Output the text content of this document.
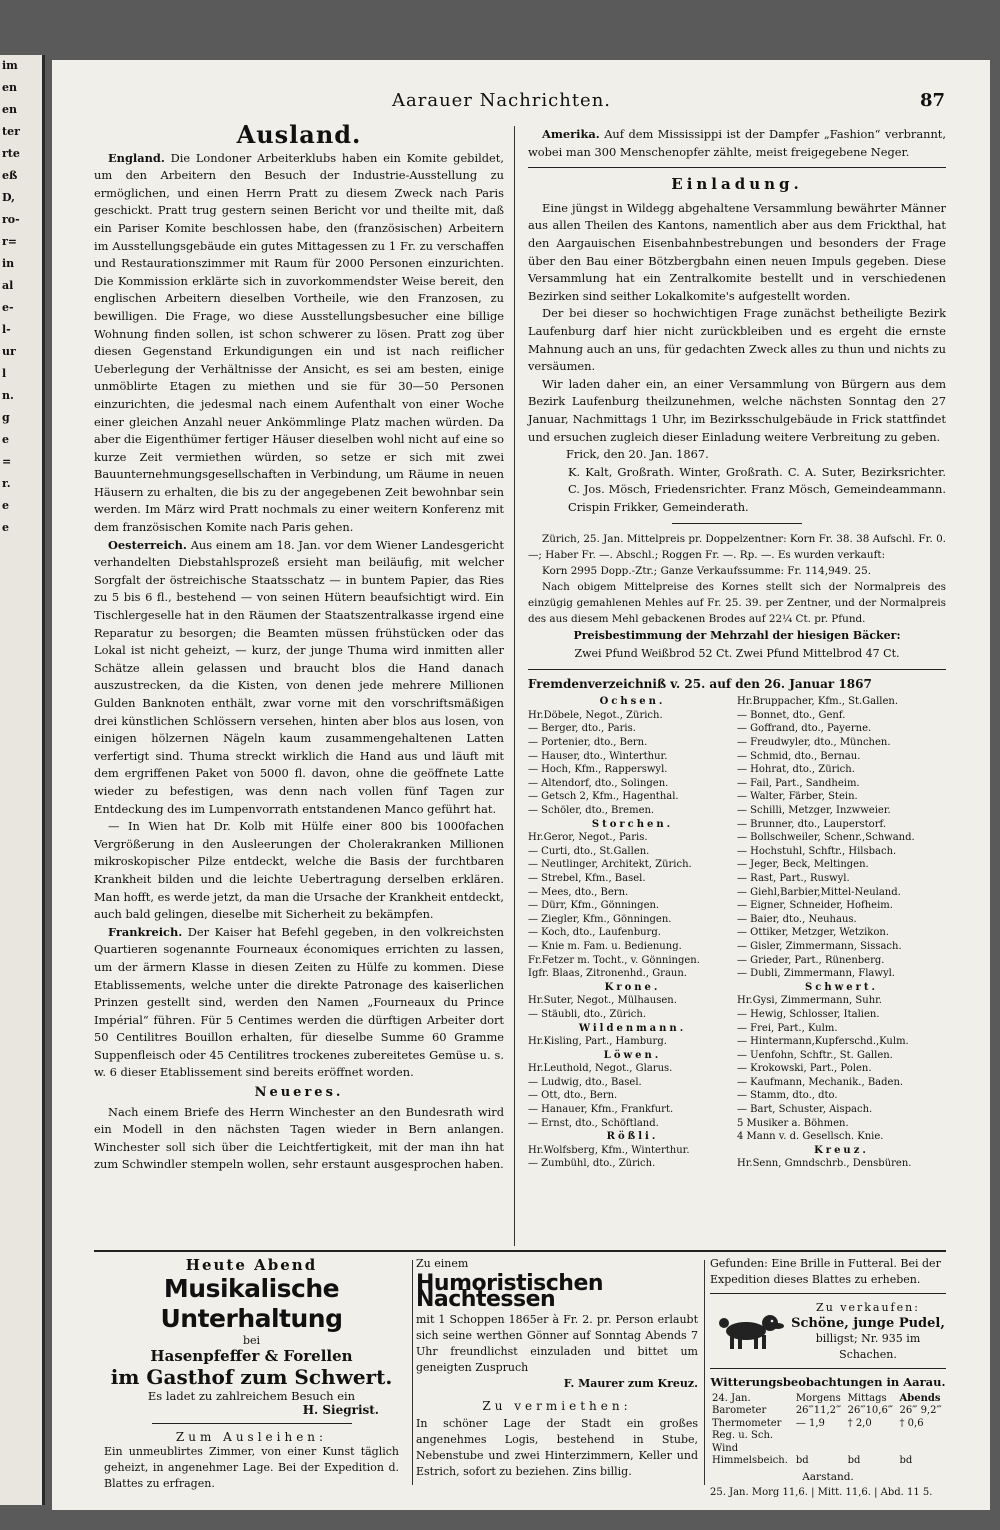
im
en
en
ter
rte
eß
D,
ro-
r=
in
al
e-
l-
ur
l
n.
g
e
=
r.
e
e
Aarauer Nachrichten.	87
Ausland.

England. Die Londoner Arbeiterklubs haben ein Komite gebildet, um den Arbeitern den Besuch der Industrie-Ausstellung zu ermöglichen, und einen Herrn Pratt zu diesem Zweck nach Paris geschickt. Pratt trug gestern seinen Bericht vor und theilte mit, daß ein Pariser Komite beschlossen habe, den (französischen) Arbeitern im Ausstellungsgebäude ein gutes Mittagessen zu 1 Fr. zu verschaffen und Restaurationszimmer mit Raum für 2000 Personen einzurichten. Die Kommission erklärte sich in zuvorkommendster Weise bereit, den englischen Arbeitern dieselben Vortheile, wie den Franzosen, zu bewilligen. Die Frage, wo diese Ausstellungsbesucher eine billige Wohnung finden sollen, ist schon schwerer zu lösen. Pratt zog über diesen Gegenstand Erkundigungen ein und ist nach reiflicher Ueberlegung der Verhältnisse der Ansicht, es sei am besten, einige unmöblirte Etagen zu miethen und sie für 30—50 Personen einzurichten, die jedesmal nach einem Aufenthalt von einer Woche einer gleichen Anzahl neuer Ankömmlinge Platz machen würden. Da aber die Eigenthümer fertiger Häuser dieselben wohl nicht auf eine so kurze Zeit vermiethen würden, so setze er sich mit zwei Bauunternehmungsgesellschaften in Verbindung, um Räume in neuen Häusern zu erhalten, die bis zu der angegebenen Zeit bewohnbar sein werden. Im März wird Pratt nochmals zu einer weitern Konferenz mit dem französischen Komite nach Paris gehen.

Oesterreich. Aus einem am 18. Jan. vor dem Wiener Landesgericht verhandelten Diebstahlsprozeß ersieht man beiläufig, mit welcher Sorgfalt der östreichische Staatsschatz — in buntem Papier, das Ries zu 5 bis 6 fl., bestehend — von seinen Hütern beaufsichtigt wird. Ein Tischlergeselle hat in den Räumen der Staatszentralkasse irgend eine Reparatur zu besorgen; die Beamten müssen frühstücken oder das Lokal ist nicht geheizt, — kurz, der junge Thuma wird inmitten aller Schätze allein gelassen und braucht blos die Hand danach auszustrecken, da die Kisten, von denen jede mehrere Millionen Gulden Banknoten enthält, zwar vorne mit den vorschriftsmäßigen drei künstlichen Schlössern versehen, hinten aber blos aus losen, von einigen hölzernen Nägeln kaum zusammengehaltenen Latten verfertigt sind. Thuma streckt wirklich die Hand aus und läuft mit dem ergriffenen Paket von 5000 fl. davon, ohne die geöffnete Latte wieder zu befestigen, was denn nach vollen fünf Tagen zur Entdeckung des im Lumpenvorrath entstandenen Manco geführt hat.

— In Wien hat Dr. Kolb mit Hülfe einer 800 bis 1000fachen Vergrößerung in den Ausleerungen der Cholerakranken Millionen mikroskopischer Pilze entdeckt, welche die Basis der furchtbaren Krankheit bilden und die leichte Uebertragung derselben erklären. Man hofft, es werde jetzt, da man die Ursache der Krankheit entdeckt, auch bald gelingen, dieselbe mit Sicherheit zu bekämpfen.

Frankreich. Der Kaiser hat Befehl gegeben, in den volkreichsten Quartieren sogenannte Fourneaux économiques errichten zu lassen, um der ärmern Klasse in diesen Zeiten zu Hülfe zu kommen. Diese Etablissements, welche unter die direkte Patronage des kaiserlichen Prinzen gestellt sind, werden den Namen „Fourneaux du Prince Impérial“ führen. Für 5 Centimes werden die dürftigen Arbeiter dort 50 Centilitres Bouillon erhalten, für dieselbe Summe 60 Gramme Suppenfleisch oder 45 Centilitres trockenes zubereitetes Gemüse u. s. w. 6 dieser Etablissement sind bereits eröffnet worden.

Neueres.

Nach einem Briefe des Herrn Winchester an den Bundesrath wird ein Modell in den nächsten Tagen wieder in Bern anlangen. Winchester soll sich über die Leichtfertigkeit, mit der man ihn hat zum Schwindler stempeln wollen, sehr erstaunt ausgesprochen haben.

Amerika. Auf dem Mississippi ist der Dampfer „Fashion“ verbrannt, wobei man 300 Menschenopfer zählte, meist freigegebene Neger.

Einladung.

Eine jüngst in Wildegg abgehaltene Versammlung bewährter Männer aus allen Theilen des Kantons, namentlich aber aus dem Frickthal, hat den Aargauischen Eisenbahnbestrebungen und besonders der Frage über den Bau einer Bötzbergbahn einen neuen Impuls gegeben. Diese Versammlung hat ein Zentralkomite bestellt und in verschiedenen Bezirken sind seither Lokalkomite's aufgestellt worden.

Der bei dieser so hochwichtigen Frage zunächst betheiligte Bezirk Laufenburg darf hier nicht zurückbleiben und es ergeht die ernste Mahnung auch an uns, für gedachten Zweck alles zu thun und nichts zu versäumen.

Wir laden daher ein, an einer Versammlung von Bürgern aus dem Bezirk Laufenburg theilzunehmen, welche nächsten Sonntag den 27 Januar, Nachmittags 1 Uhr, im Bezirksschulgebäude in Frick stattfindet und ersuchen zugleich dieser Einladung weitere Verbreitung zu geben.

Frick, den 20. Jan. 1867.

K. Kalt, Großrath. Winter, Großrath. C. A. Suter, Bezirksrichter. C. Jos. Mösch, Friedensrichter. Franz Mösch, Gemeindeammann. Crispin Frikker, Gemeinderath.

Zürich, 25. Jan. Mittelpreis pr. Doppelzentner: Korn Fr. 38. 38 Aufschl. Fr. 0. —; Haber Fr. —. Abschl.; Roggen Fr. —. Rp. —. Es wurden verkauft:

Korn 2995 Dopp.-Ztr.; Ganze Verkaufssumme: Fr. 114,949. 25.

Nach obigem Mittelpreise des Kornes stellt sich der Normalpreis des einzügig gemahlenen Mehles auf Fr. 25. 39. per Zentner, und der Normalpreis des aus diesem Mehl gebackenen Brodes auf 22¼ Ct. pr. Pfund.

Preisbestimmung der Mehrzahl der hiesigen Bäcker:

Zwei Pfund Weißbrod 52 Ct. Zwei Pfund Mittelbrod 47 Ct.

Fremdenverzeichniß v. 25. auf den 26. Januar 1867

Ochsen.
Hr.Döbele, Negot., Zürich.
— Berger, dto., Paris.
— Portenier, dto., Bern.
— Hauser, dto., Winterthur.
— Hoch, Kfm., Rapperswyl.
— Altendorf, dto., Solingen.
— Getsch 2, Kfm., Hagenthal.
— Schöler, dto., Bremen.
Storchen.
Hr.Geror, Negot., Paris.
— Curti, dto., St.Gallen.
— Neutlinger, Architekt, Zürich.
— Strebel, Kfm., Basel.
— Mees, dto., Bern.
— Dürr, Kfm., Gönningen.
— Ziegler, Kfm., Gönningen.
— Koch, dto., Laufenburg.
— Knie m. Fam. u. Bedienung.
Fr.Fetzer m. Tocht., v. Gönningen.
Igfr. Blaas, Zitronenhd., Graun.
Krone.
Hr.Suter, Negot., Mülhausen.
— Stäubli, dto., Zürich.
Wildenmann.
Hr.Kisling, Part., Hamburg.
Löwen.
Hr.Leuthold, Negot., Glarus.
— Ludwig, dto., Basel.
— Ott, dto., Bern.
— Hanauer, Kfm., Frankfurt.
— Ernst, dto., Schöftland.
Rößli.
Hr.Wolfsberg, Kfm., Winterthur.
— Zumbühl, dto., Zürich.
Hr.Bruppacher, Kfm., St.Gallen.
— Bonnet, dto., Genf.
— Goffrand, dto., Payerne.
— Freudwyler, dto., München.
— Schmid, dto., Bernau.
— Hohrat, dto., Zürich.
— Fail, Part., Sandheim.
— Walter, Färber, Stein.
— Schilli, Metzger, Inzwweier.
— Brunner, dto., Lauperstorf.
— Bollschweiler, Schenr.,Schwand.
— Hochstuhl, Schftr., Hilsbach.
— Jeger, Beck, Meltingen.
— Rast, Part., Ruswyl.
— Giehl,Barbier,Mittel-Neuland.
— Eigner, Schneider, Hofheim.
— Baier, dto., Neuhaus.
— Ottiker, Metzger, Wetzikon.
— Gisler, Zimmermann, Sissach.
— Grieder, Part., Rünenberg.
— Dubli, Zimmermann, Flawyl.
Schwert.
Hr.Gysi, Zimmermann, Suhr.
— Hewig, Schlosser, Italien.
— Frei, Part., Kulm.
— Hintermann,Kupferschd.,Kulm.
— Uenfohn, Schftr., St. Gallen.
— Krokowski, Part., Polen.
— Kaufmann, Mechanik., Baden.
— Stamm, dto., dto.
— Bart, Schuster, Aispach.
5 Musiker a. Böhmen.
4 Mann v. d. Gesellsch. Knie.
Kreuz.
Hr.Senn, Gmndschrb., Densbüren.
Heute Abend
Musikalische Unterhaltung
bei
Hasenpfeffer & Forellen
im Gasthof zum Schwert.
Es ladet zu zahlreichem Besuch ein
H. Siegrist.
Zum Ausleihen:
Ein unmeublirtes Zimmer, von einer Kunst täglich geheizt, in angenehmer Lage. Bei der Expedition d. Blattes zu erfragen.
Zu einem
Humoristischen Nachtessen
mit 1 Schoppen 1865er à Fr. 2. pr. Person erlaubt sich seine werthen Gönner auf Sonntag Abends 7 Uhr freundlichst einzuladen und bittet um geneigten Zuspruch
F. Maurer zum Kreuz.
Zu vermiethen:
In schöner Lage der Stadt ein großes angenehmes Logis, bestehend in Stube, Nebenstube und zwei Hinterzimmern, Keller und Estrich, sofort zu beziehen. Zins billig.
Gefunden: Eine Brille in Futteral. Bei der Expedition dieses Blattes zu erheben.
Zu verkaufen:
Schöne, junge Pudel,
billigst; Nr. 935 im Schachen.
Witterungsbeobachtungen in Aarau.
24. Jan.	Morgens	Mittags	Abends
Barometer	26‴11,2‴	26‴10,6‴	26‴ 9,2‴
Thermometer	— 1,9	† 2,0	† 0,6
Reg. u. Sch.			
Wind			
Himmelsbeich.	bd	bd	bd
Aarstand.
25. Jan. Morg 11,6. | Mitt. 11,6. | Abd. 11 5.
